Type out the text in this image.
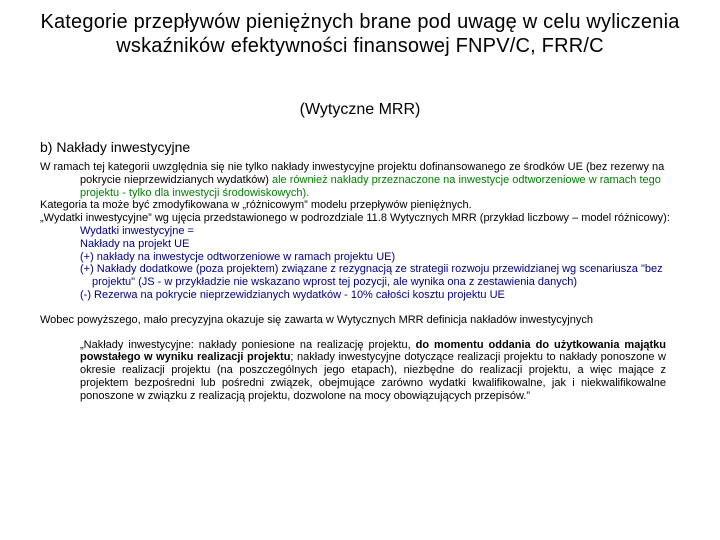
Kategorie przepływów pieniężnych brane pod uwagę w celu wyliczenia wskaźników efektywności finansowej FNPV/C, FRR/C
(Wytyczne MRR)
b) Nakłady inwestycyjne

W ramach tej kategorii uwzględnia się nie tylko nakłady inwestycyjne projektu dofinansowanego ze środków UE (bez rezerwy na pokrycie nieprzewidzianych wydatków) ale również nakłady przeznaczone na inwestycje odtworzeniowe w ramach tego projektu - tylko dla inwestycji środowiskowych).

Kategoria ta może być zmodyfikowana w „różnicowym” modelu przepływów pieniężnych.

„Wydatki inwestycyjne” wg ujęcia przedstawionego w podrozdziale 11.8 Wytycznych MRR (przykład liczbowy – model różnicowy):

Wydatki inwestycyjne =

Nakłady na projekt UE

(+) nakłady na inwestycje odtworzeniowe w ramach projektu UE)

(+) Nakłady dodatkowe (poza projektem) związane z rezygnacją ze strategii rozwoju przewidzianej wg scenariusza "bez projektu" (JS - w przykładzie nie wskazano wprost tej pozycji, ale wynika ona z zestawienia danych)

(-) Rezerwa na pokrycie nieprzewidzianych wydatków - 10% całości kosztu projektu UE

Wobec powyższego, mało precyzyjna okazuje się zawarta w Wytycznych MRR definicja nakładów inwestycyjnych

„Nakłady inwestycyjne: nakłady poniesione na realizację projektu, do momentu oddania do użytkowania majątku powstałego w wyniku realizacji projektu; nakłady inwestycyjne dotyczące realizacji projektu to nakłady ponoszone w okresie realizacji projektu (na poszczególnych jego etapach), niezbędne do realizacji projektu, a więc mające z projektem bezpośredni lub pośredni związek, obejmujące zarówno wydatki kwalifikowalne, jak i niekwalifikowalne ponoszone w związku z realizacją projektu, dozwolone na mocy obowiązujących przepisów.”
